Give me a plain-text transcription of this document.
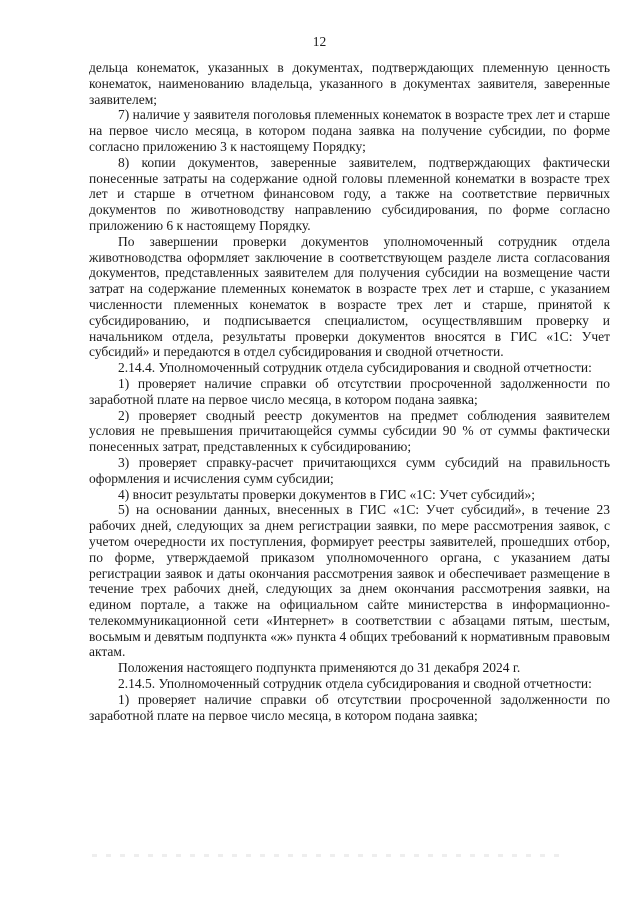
12

дельца конематок, указанных в документах, подтверждающих племенную ценность конематок, наименованию владельца, указанного в документах заявителя, заверенные заявителем;

7) наличие у заявителя поголовья племенных конематок в возрасте трех лет и старше на первое число месяца, в котором подана заявка на получение субсидии, по форме согласно приложению 3 к настоящему Порядку;

8) копии документов, заверенные заявителем, подтверждающих фактически понесенные затраты на содержание одной головы племенной конематки в возрасте трех лет и старше в отчетном финансовом году, а также на соответствие первичных документов по животноводству направлению субсидирования, по форме согласно приложению 6 к настоящему Порядку.

По завершении проверки документов уполномоченный сотрудник отдела животноводства оформляет заключение в соответствующем разделе листа согласования документов, представленных заявителем для получения субсидии на возмещение части затрат на содержание племенных конематок в возрасте трех лет и старше, с указанием численности племенных конематок в возрасте трех лет и старше, принятой к субсидированию, и подписывается специалистом, осуществлявшим проверку и начальником отдела, результаты проверки документов вносятся в ГИС «1С: Учет субсидий» и передаются в отдел субсидирования и сводной отчетности.

2.14.4. Уполномоченный сотрудник отдела субсидирования и сводной отчетности:

1) проверяет наличие справки об отсутствии просроченной задолженности по заработной плате на первое число месяца, в котором подана заявка;

2) проверяет сводный реестр документов на предмет соблюдения заявителем условия не превышения причитающейся суммы субсидии 90 % от суммы фактически понесенных затрат, представленных к субсидированию;

3) проверяет справку-расчет причитающихся сумм субсидий на правильность оформления и исчисления сумм субсидии;

4) вносит результаты проверки документов в ГИС «1С: Учет субсидий»;

5) на основании данных, внесенных в ГИС «1С: Учет субсидий», в течение 23 рабочих дней, следующих за днем регистрации заявки, по мере рассмотрения заявок, с учетом очередности их поступления, формирует реестры заявителей, прошедших отбор, по форме, утверждаемой приказом уполномоченного органа, с указанием даты регистрации заявок и даты окончания рассмотрения заявок и обеспечивает размещение в течение трех рабочих дней, следующих за днем окончания рассмотрения заявки, на едином портале, а также на официальном сайте министерства в информационно-телекоммуникационной сети «Интернет» в соответствии с абзацами пятым, шестым, восьмым и девятым подпункта «ж» пункта 4 общих требований к нормативным правовым актам.

Положения настоящего подпункта применяются до 31 декабря 2024 г.

2.14.5. Уполномоченный сотрудник отдела субсидирования и сводной отчетности:

1) проверяет наличие справки об отсутствии просроченной задолженности по заработной плате на первое число месяца, в котором подана заявка;
